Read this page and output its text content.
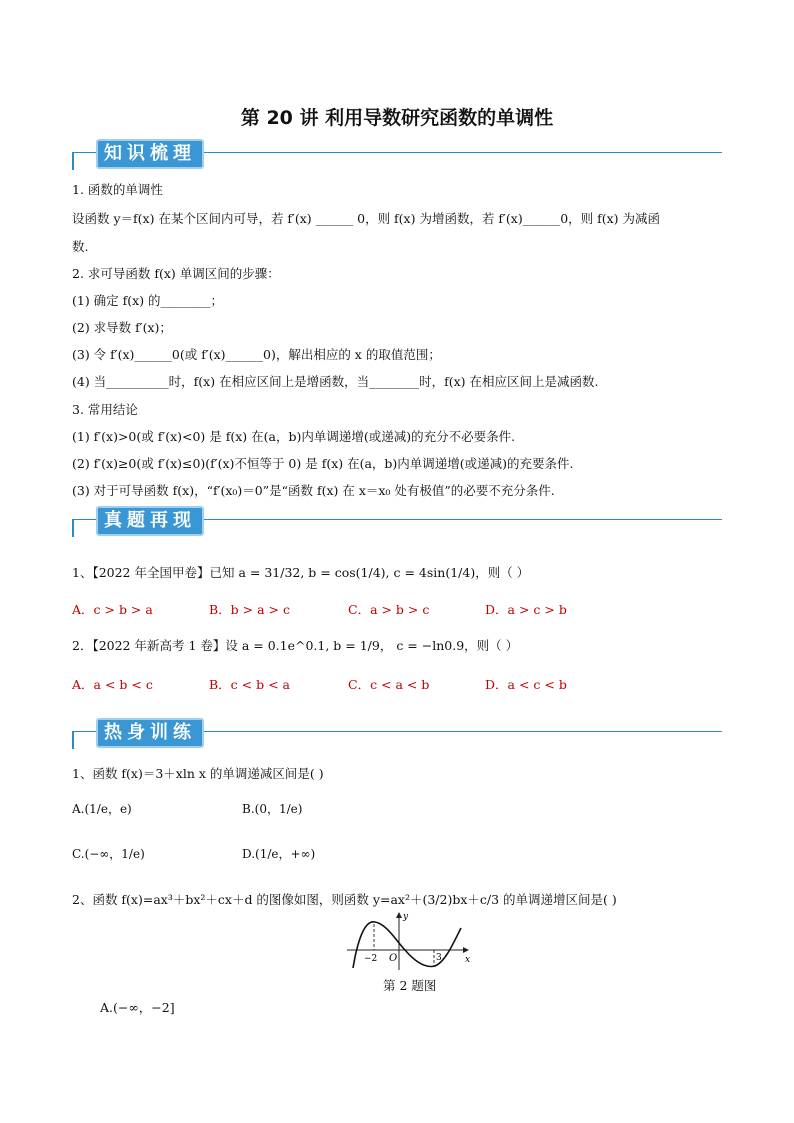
第 20 讲 利用导数研究函数的单调性
知识梳理
1. 函数的单调性
设函数 y＝f(x) 在某个区间内可导，若 f′(x) ______ 0，则 f(x) 为增函数，若 f′(x)______0，则 f(x) 为减函
数.
2. 求可导函数 f(x) 单调区间的步骤：
(1) 确定 f(x) 的________；
(2) 求导数 f′(x)；
(3) 令 f′(x)______0(或 f′(x)______0)，解出相应的 x 的取值范围；
(4) 当__________时，f(x) 在相应区间上是增函数，当________时，f(x) 在相应区间上是减函数.
3. 常用结论
(1) f′(x)>0(或 f′(x)<0) 是 f(x) 在(a，b)内单调递增(或递减)的充分不必要条件.
(2) f′(x)≥0(或 f′(x)≤0)(f′(x)不恒等于 0) 是 f(x) 在(a，b)内单调递增(或递减)的充要条件.
(3) 对于可导函数 f(x)，“f′(x₀)＝0”是“函数 f(x) 在 x＝x₀ 处有极值”的必要不充分条件.
真题再现
1、【2022 年全国甲卷】已知 a = 31/32, b = cos(1/4), c = 4sin(1/4)，则（ ）
A．c > b > a	B．b > a > c	C．a > b > c	D．a > c > b
2．【2022 年新高考 1 卷】设 a = 0.1e^0.1, b = 1/9， c = −ln0.9，则（ ）
A．a < b < c	B．c < b < a	C．c < a < b	D．a < c < b
热身训练
1、函数 f(x)＝3＋xln x 的单调递减区间是( )
A.(1/e，e)	B.(0，1/e)
C.(−∞，1/e)	D.(1/e，+∞)
2、函数 f(x)=ax³＋bx²＋cx＋d 的图像如图，则函数 y=ax²＋(3/2)bx＋c/3 的单调递增区间是( )
y
x
O
−2	3
第 2 题图
A.(−∞，−2]
